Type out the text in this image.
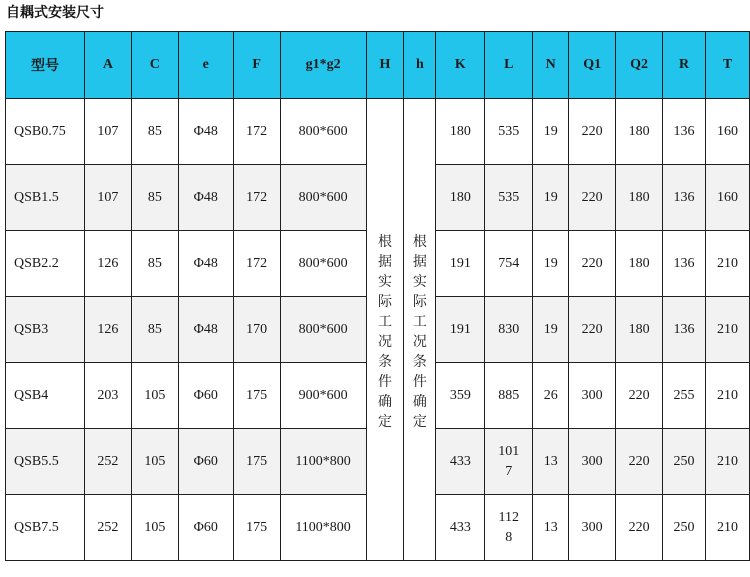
自耦式安装尺寸
型号	A	C	e	F	g1*g2	H	h	K	L	N	Q1	Q2	R	T
QSB0.75	107	85	Φ48	172	800*600	根据实际工况条件确定	根据实际工况条件确定	180	535	19	220	180	136	160
QSB1.5	107	85	Φ48	172	800*600			180	535	19	220	180	136	160
QSB2.2	126	85	Φ48	172	800*600			191	754	19	220	180	136	210
QSB3	126	85	Φ48	170	800*600			191	830	19	220	180	136	210
QSB4	203	105	Φ60	175	900*600			359	885	26	300	220	255	210
QSB5.5	252	105	Φ60	175	1100*800			433	1017	13	300	220	250	210
QSB7.5	252	105	Φ60	175	1100*800			433	1128	13	300	220	250	210
